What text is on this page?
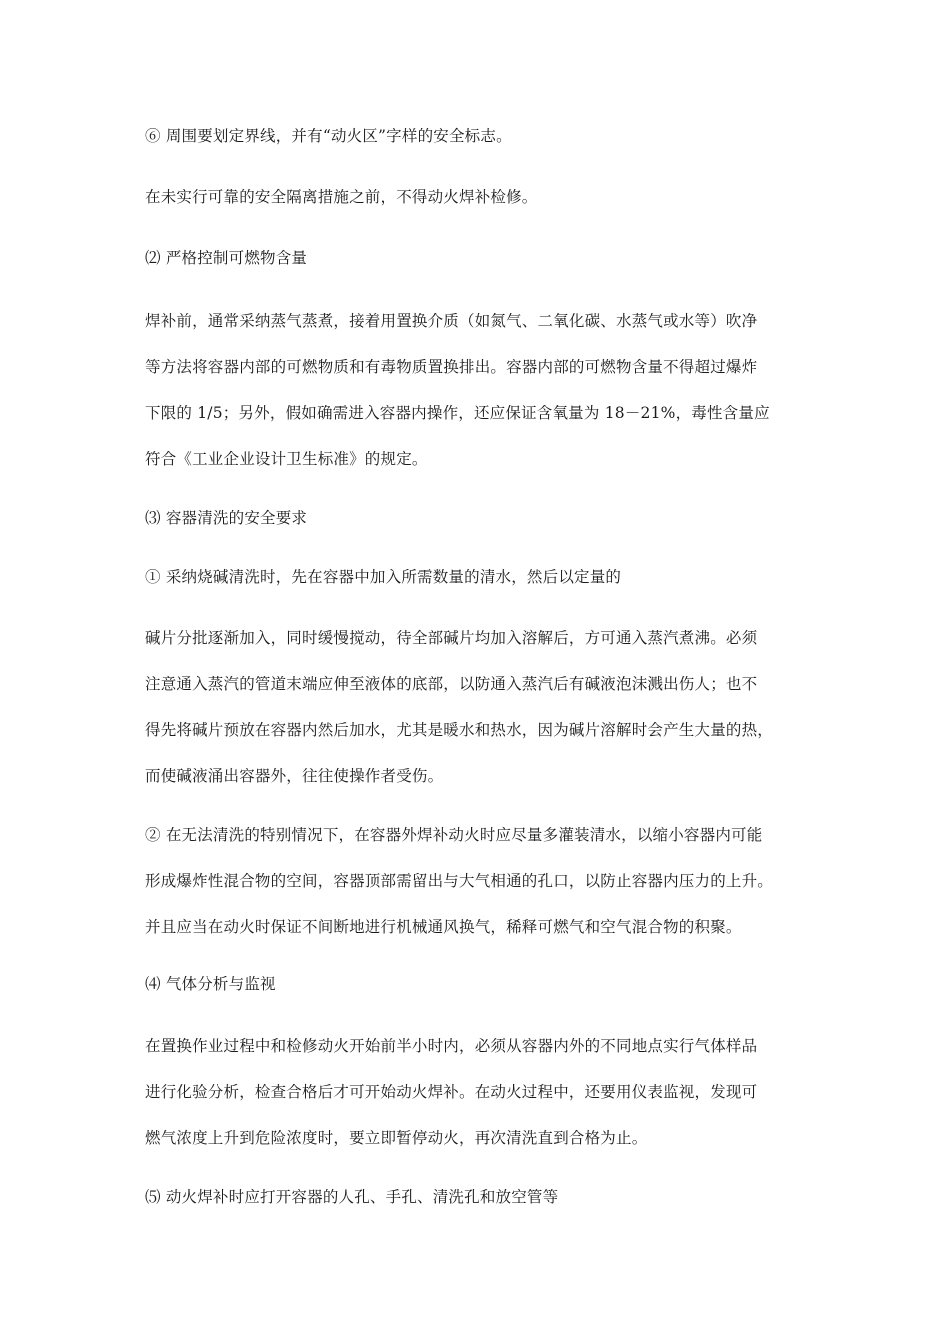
⑥ 周围要划定界线，并有“动火区”字样的安全标志。
在未实行可靠的安全隔离措施之前，不得动火焊补检修。
⑵ 严格控制可燃物含量
焊补前，通常采纳蒸气蒸煮，接着用置换介质（如氮气、二氧化碳、水蒸气或水等）吹净
等方法将容器内部的可燃物质和有毒物质置换排出。容器内部的可燃物含量不得超过爆炸
下限的 1/5；另外，假如确需进入容器内操作，还应保证含氧量为 18－21%，毒性含量应
符合《工业企业设计卫生标准》的规定。
⑶ 容器清洗的安全要求
① 采纳烧碱清洗时，先在容器中加入所需数量的清水，然后以定量的
碱片分批逐渐加入，同时缓慢搅动，待全部碱片均加入溶解后，方可通入蒸汽煮沸。必须
注意通入蒸汽的管道末端应伸至液体的底部，以防通入蒸汽后有碱液泡沫溅出伤人；也不
得先将碱片预放在容器内然后加水，尤其是暖水和热水，因为碱片溶解时会产生大量的热，
而使碱液涌出容器外，往往使操作者受伤。
② 在无法清洗的特别情况下，在容器外焊补动火时应尽量多灌装清水，以缩小容器内可能
形成爆炸性混合物的空间，容器顶部需留出与大气相通的孔口，以防止容器内压力的上升。
并且应当在动火时保证不间断地进行机械通风换气，稀释可燃气和空气混合物的积聚。
⑷ 气体分析与监视
在置换作业过程中和检修动火开始前半小时内，必须从容器内外的不同地点实行气体样品
进行化验分析，检查合格后才可开始动火焊补。在动火过程中，还要用仪表监视，发现可
燃气浓度上升到危险浓度时，要立即暂停动火，再次清洗直到合格为止。
⑸ 动火焊补时应打开容器的人孔、手孔、清洗孔和放空管等
